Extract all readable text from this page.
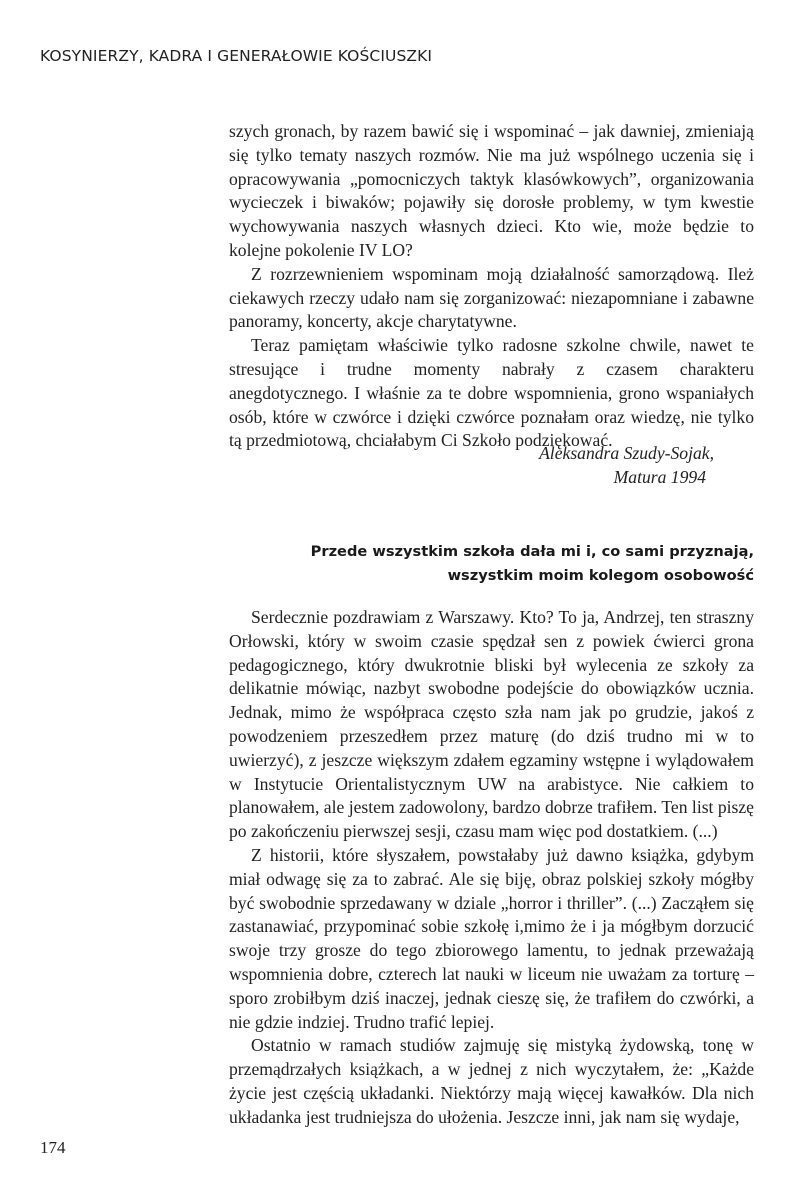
KOSYNIERZY, KADRA I GENERAŁOWIE KOŚCIUSZKI

szych gronach, by razem bawić się i wspominać – jak dawniej, zmieniają się tylko tematy naszych rozmów. Nie ma już wspólnego uczenia się i opracowywania „pomocniczych taktyk klasówkowych”, organizowania wycieczek i biwaków; pojawiły się dorosłe problemy, w tym kwestie wychowywania naszych własnych dzieci. Kto wie, może będzie to kolejne pokolenie IV LO?

Z rozrzewnieniem wspominam moją działalność samorządową. Ileż ciekawych rzeczy udało nam się zorganizować: niezapomniane i zabawne panoramy, koncerty, akcje charytatywne.

Teraz pamiętam właściwie tylko radosne szkolne chwile, nawet te stresujące i trudne momenty nabrały z czasem charakteru anegdotycznego. I właśnie za te dobre wspomnienia, grono wspaniałych osób, które w czwórce i dzięki czwórce poznałam oraz wiedzę, nie tylko tą przedmiotową, chciałabym Ci Szkoło podziękować.

Aleksandra Szudy-Sojak,
Matura 1994
Przede wszystkim szkoła dała mi i, co sami przyznają,
wszystkim moim kolegom osobowość

Serdecznie pozdrawiam z Warszawy. Kto? To ja, Andrzej, ten straszny Orłowski, który w swoim czasie spędzał sen z powiek ćwierci grona pedagogicznego, który dwukrotnie bliski był wylecenia ze szkoły za delikatnie mówiąc, nazbyt swobodne podejście do obowiązków ucznia. Jednak, mimo że współpraca często szła nam jak po grudzie, jakoś z powodzeniem przeszedłem przez maturę (do dziś trudno mi w to uwierzyć), z jeszcze większym zdałem egzaminy wstępne i wylądowałem w Instytucie Orientalistycznym UW na arabistyce. Nie całkiem to planowałem, ale jestem zadowolony, bardzo dobrze trafiłem. Ten list piszę po zakończeniu pierwszej sesji, czasu mam więc pod dostatkiem. (...)

Z historii, które słyszałem, powstałaby już dawno książka, gdybym miał odwagę się za to zabrać. Ale się biję, obraz polskiej szkoły mógłby być swobodnie sprzedawany w dziale „horror i thriller”. (...) Zacząłem się zastanawiać, przypominać sobie szkołę i,mimo że i ja mógłbym dorzucić swoje trzy grosze do tego zbiorowego lamentu, to jednak przeważają wspomnienia dobre, czterech lat nauki w liceum nie uważam za torturę – sporo zrobiłbym dziś inaczej, jednak cieszę się, że trafiłem do czwórki, a nie gdzie indziej. Trudno trafić lepiej.

Ostatnio w ramach studiów zajmuję się mistyką żydowską, tonę w przemądrzałych książkach, a w jednej z nich wyczytałem, że: „Każde życie jest częścią układanki. Niektórzy mają więcej kawałków. Dla nich układanka jest trudniejsza do ułożenia. Jeszcze inni, jak nam się wydaje,

174
